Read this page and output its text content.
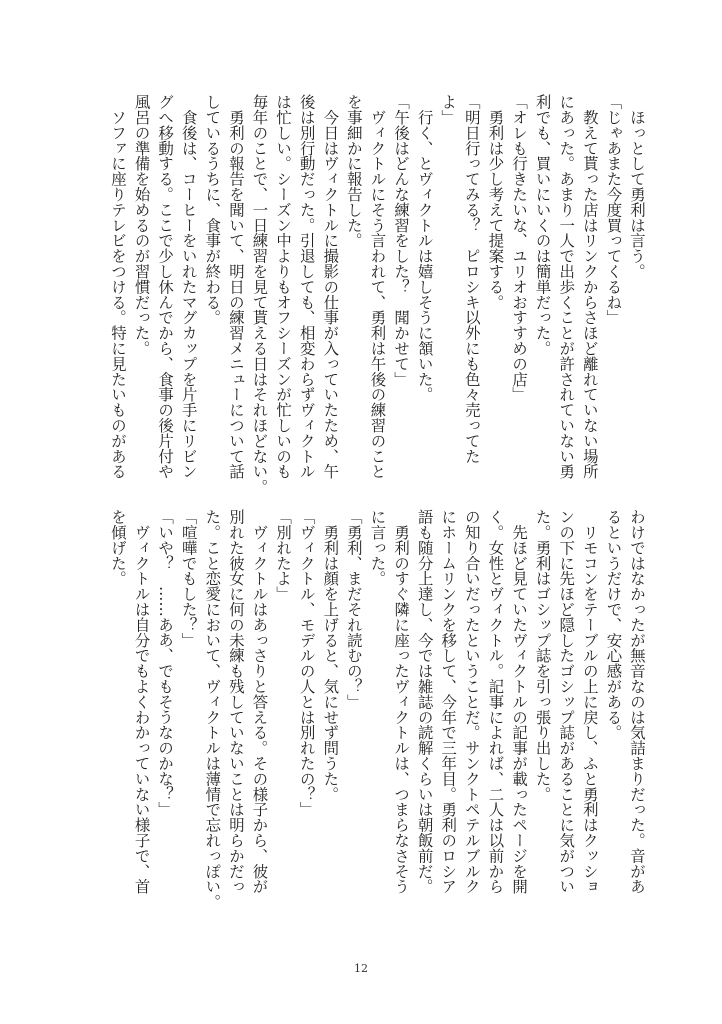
　ほっとして勇利は言う。
「じゃあまた今度買ってくるね」
　教えて貰った店はリンクからさほど離れていない場所
にあった。あまり一人で出歩くことが許されていない勇
利でも、買いにいくのは簡単だった。
「オレも行きたいな、ユリオおすすめの店」
　勇利は少し考えて提案する。
「明日行ってみる？　ピロシキ以外にも色々売ってた
よ」
　行く、とヴィクトルは嬉しそうに頷いた。
「午後はどんな練習をした？　聞かせて」
　ヴィクトルにそう言われて、勇利は午後の練習のこと
を事細かに報告した。
　今日はヴィクトルに撮影の仕事が入っていたため、午
後は別行動だった。引退しても、相変わらずヴィクトル
は忙しい。シーズン中よりもオフシーズンが忙しいのも
毎年のことで、一日練習を見て貰える日はそれほどない。
　勇利の報告を聞いて、明日の練習メニューについて話
しているうちに、食事が終わる。
　食後は、コーヒーをいれたマグカップを片手にリビン
グへ移動する。ここで少し休んでから、食事の後片付や
風呂の準備を始めるのが習慣だった。
　ソファに座りテレビをつける。特に見たいものがある
わけではなかったが無音なのは気詰まりだった。音があ
るというだけで、安心感がある。
　リモコンをテーブルの上に戻し、ふと勇利はクッショ
ンの下に先ほど隠したゴシップ誌があることに気がつい
た。勇利はゴシップ誌を引っ張り出した。
　先ほど見ていたヴィクトルの記事が載ったページを開
く。女性とヴィクトル。記事によれば、二人は以前から
の知り合いだったということだ。サンクトペテルブルク
にホームリンクを移して、今年で三年目。勇利のロシア
語も随分上達し、今では雑誌の読解くらいは朝飯前だ。
　勇利のすぐ隣に座ったヴィクトルは、つまらなさそう
に言った。
「勇利、まだそれ読むの？」
　勇利は顔を上げると、気にせず問うた。
「ヴィクトル、モデルの人とは別れたの？」
「別れたよ」
　ヴィクトルはあっさりと答える。その様子から、彼が
別れた彼女に何の未練も残していないことは明らかだっ
た。こと恋愛において、ヴィクトルは薄情で忘れっぽい。
「喧嘩でもした？」
「いや？　……ああ、でもそうなのかな？」
　ヴィクトルは自分でもよくわかっていない様子で、首
を傾げた。
12
